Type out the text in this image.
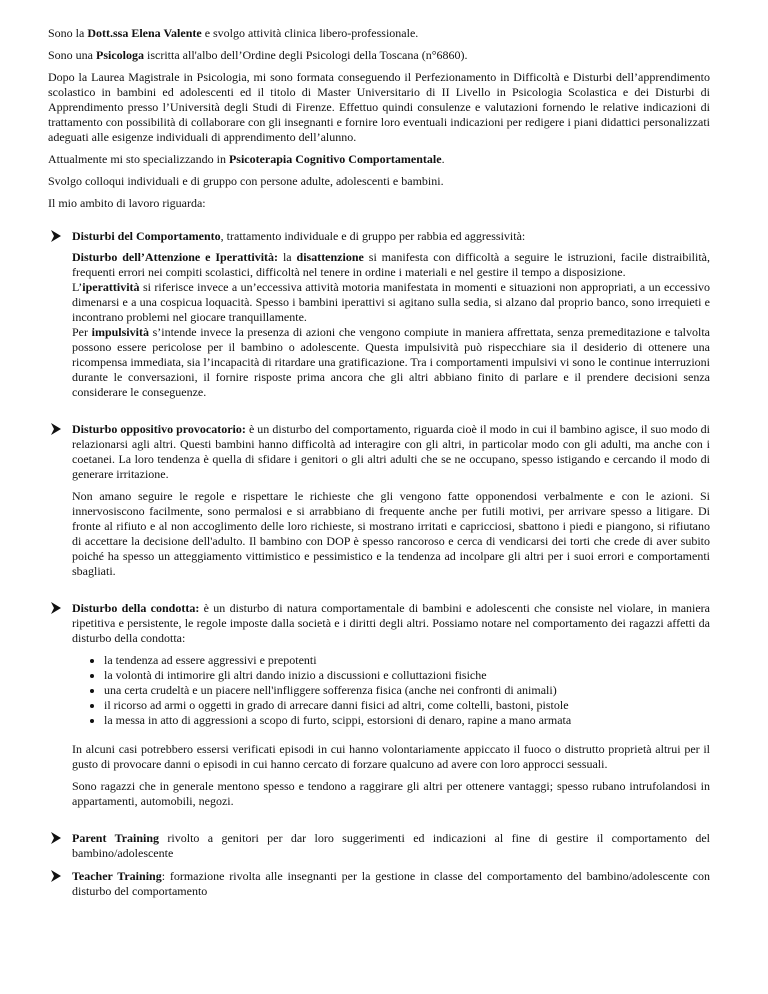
Sono la Dott.ssa Elena Valente e svolgo attività clinica libero-professionale.

Sono una Psicologa iscritta all'albo dell’Ordine degli Psicologi della Toscana (n°6860).

Dopo la Laurea Magistrale in Psicologia, mi sono formata conseguendo il Perfezionamento in Difficoltà e Disturbi dell’apprendimento scolastico in bambini ed adolescenti ed il titolo di Master Universitario di II Livello in Psicologia Scolastica e dei Disturbi di Apprendimento presso l’Università degli Studi di Firenze. Effettuo quindi consulenze e valutazioni fornendo le relative indicazioni di trattamento con possibilità di collaborare con gli insegnanti e fornire loro eventuali indicazioni per redigere i piani didattici personalizzati adeguati alle esigenze individuali di apprendimento dell’alunno.

Attualmente mi sto specializzando in Psicoterapia Cognitivo Comportamentale.

Svolgo colloqui individuali e di gruppo con persone adulte, adolescenti e bambini.

Il mio ambito di lavoro riguarda:

Disturbi del Comportamento, trattamento individuale e di gruppo per rabbia ed aggressività:

Disturbo dell’Attenzione e Iperattività: la disattenzione si manifesta con difficoltà a seguire le istruzioni, facile distraibilità, frequenti errori nei compiti scolastici, difficoltà nel tenere in ordine i materiali e nel gestire il tempo a disposizione.

L’iperattività si riferisce invece a un’eccessiva attività motoria manifestata in momenti e situazioni non appropriati, a un eccessivo dimenarsi e a una cospicua loquacità. Spesso i bambini iperattivi si agitano sulla sedia, si alzano dal proprio banco, sono irrequieti e incontrano problemi nel giocare tranquillamente.

Per impulsività s’intende invece la presenza di azioni che vengono compiute in maniera affrettata, senza premeditazione e talvolta possono essere pericolose per il bambino o adolescente. Questa impulsività può rispecchiare sia il desiderio di ottenere una ricompensa immediata, sia l’incapacità di ritardare una gratificazione. Tra i comportamenti impulsivi vi sono le continue interruzioni durante le conversazioni, il fornire risposte prima ancora che gli altri abbiano finito di parlare e il prendere decisioni senza considerare le conseguenze.

Disturbo oppositivo provocatorio: è un disturbo del comportamento, riguarda cioè il modo in cui il bambino agisce, il suo modo di relazionarsi agli altri. Questi bambini hanno difficoltà ad interagire con gli altri, in particolar modo con gli adulti, ma anche con i coetanei. La loro tendenza è quella di sfidare i genitori o gli altri adulti che se ne occupano, spesso istigando e cercando il modo di generare irritazione.

Non amano seguire le regole e rispettare le richieste che gli vengono fatte opponendosi verbalmente e con le azioni. Si innervosiscono facilmente, sono permalosi e si arrabbiano di frequente anche per futili motivi, per arrivare spesso a litigare. Di fronte al rifiuto e al non accoglimento delle loro richieste, si mostrano irritati e capricciosi, sbattono i piedi e piangono, si rifiutano di accettare la decisione dell'adulto. Il bambino con DOP è spesso rancoroso e cerca di vendicarsi dei torti che crede di aver subito poiché ha spesso un atteggiamento vittimistico e pessimistico e la tendenza ad incolpare gli altri per i suoi errori e comportamenti sbagliati.

Disturbo della condotta: è un disturbo di natura comportamentale di bambini e adolescenti che consiste nel violare, in maniera ripetitiva e persistente, le regole imposte dalla società e i diritti degli altri. Possiamo notare nel comportamento dei ragazzi affetti da disturbo della condotta:

• la tendenza ad essere aggressivi e prepotenti
• la volontà di intimorire gli altri dando inizio a discussioni e colluttazioni fisiche
• una certa crudeltà e un piacere nell'infliggere sofferenza fisica (anche nei confronti di animali)
• il ricorso ad armi o oggetti in grado di arrecare danni fisici ad altri, come coltelli, bastoni, pistole
• la messa in atto di aggressioni a scopo di furto, scippi, estorsioni di denaro, rapine a mano armata

In alcuni casi potrebbero essersi verificati episodi in cui hanno volontariamente appiccato il fuoco o distrutto proprietà altrui per il gusto di provocare danni o episodi in cui hanno cercato di forzare qualcuno ad avere con loro approcci sessuali.

Sono ragazzi che in generale mentono spesso e tendono a raggirare gli altri per ottenere vantaggi; spesso rubano intrufolandosi in appartamenti, automobili, negozi.

Parent Training rivolto a genitori per dar loro suggerimenti ed indicazioni al fine di gestire il comportamento del bambino/adolescente

Teacher Training: formazione rivolta alle insegnanti per la gestione in classe del comportamento del bambino/adolescente con disturbo del comportamento
